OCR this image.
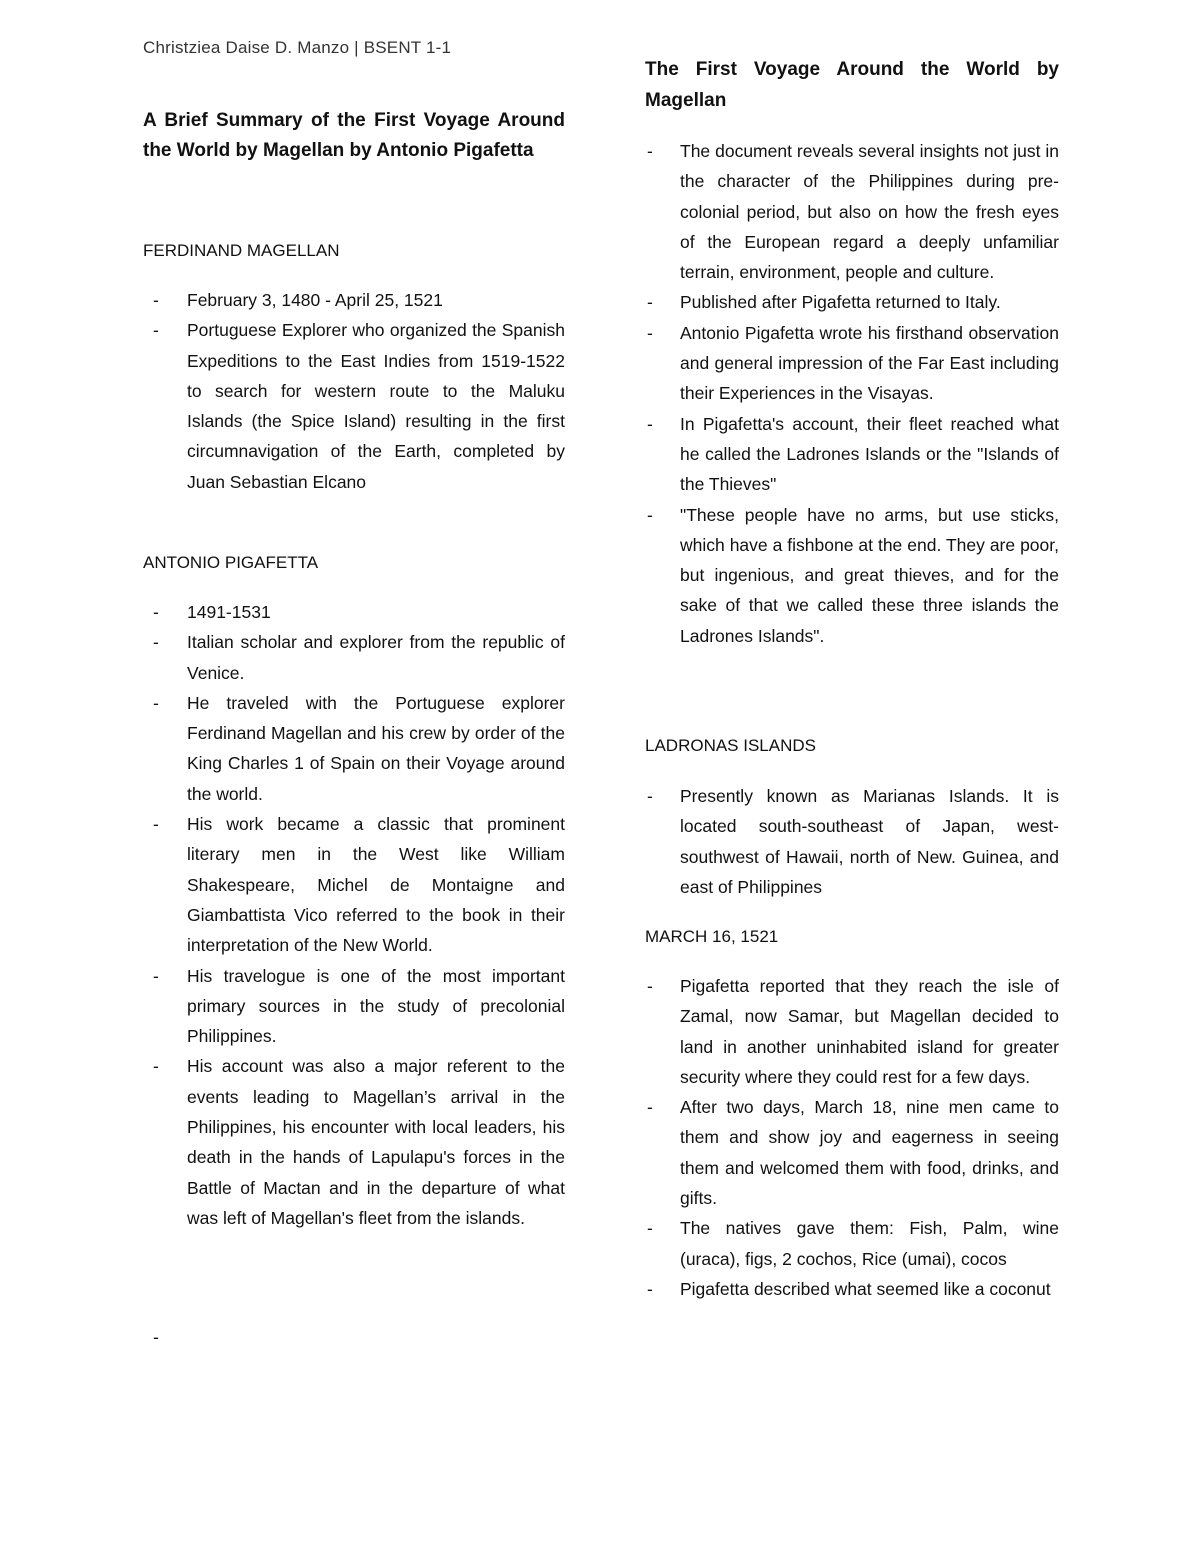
Christziea Daise D. Manzo | BSENT 1-1
A Brief Summary of the First Voyage Around the World by Magellan by Antonio Pigafetta
FERDINAND MAGELLAN
- February 3, 1480 - April 25, 1521
- Portuguese Explorer who organized the Spanish Expeditions to the East Indies from 1519-1522 to search for western route to the Maluku Islands (the Spice Island) resulting in the first circumnavigation of the Earth, completed by Juan Sebastian Elcano
ANTONIO PIGAFETTA
- 1491-1531
- Italian scholar and explorer from the republic of Venice.
- He traveled with the Portuguese explorer Ferdinand Magellan and his crew by order of the King Charles 1 of Spain on their Voyage around the world.
- His work became a classic that prominent literary men in the West like William Shakespeare, Michel de Montaigne and Giambattista Vico referred to the book in their interpretation of the New World.
- His travelogue is one of the most important primary sources in the study of precolonial Philippines.
- His account was also a major referent to the events leading to Magellan’s arrival in the Philippines, his encounter with local leaders, his death in the hands of Lapulapu's forces in the Battle of Mactan and in the departure of what was left of Magellan's fleet from the islands.
-
The First Voyage Around the World by Magellan
- The document reveals several insights not just in the character of the Philippines during pre-colonial period, but also on how the fresh eyes of the European regard a deeply unfamiliar terrain, environment, people and culture.
- Published after Pigafetta returned to Italy.
- Antonio Pigafetta wrote his firsthand observation and general impression of the Far East including their Experiences in the Visayas.
- In Pigafetta's account, their fleet reached what he called the Ladrones Islands or the "Islands of the Thieves"
- "These people have no arms, but use sticks, which have a fishbone at the end. They are poor, but ingenious, and great thieves, and for the sake of that we called these three islands the Ladrones Islands".
LADRONAS ISLANDS
- Presently known as Marianas Islands. It is located south-southeast of Japan, west-southwest of Hawaii, north of New. Guinea, and east of Philippines
MARCH 16, 1521
- Pigafetta reported that they reach the isle of Zamal, now Samar, but Magellan decided to land in another uninhabited island for greater security where they could rest for a few days.
- After two days, March 18, nine men came to them and show joy and eagerness in seeing them and welcomed them with food, drinks, and gifts.
- The natives gave them: Fish, Palm, wine (uraca), figs, 2 cochos, Rice (umai), cocos
- Pigafetta described what seemed like a coconut
